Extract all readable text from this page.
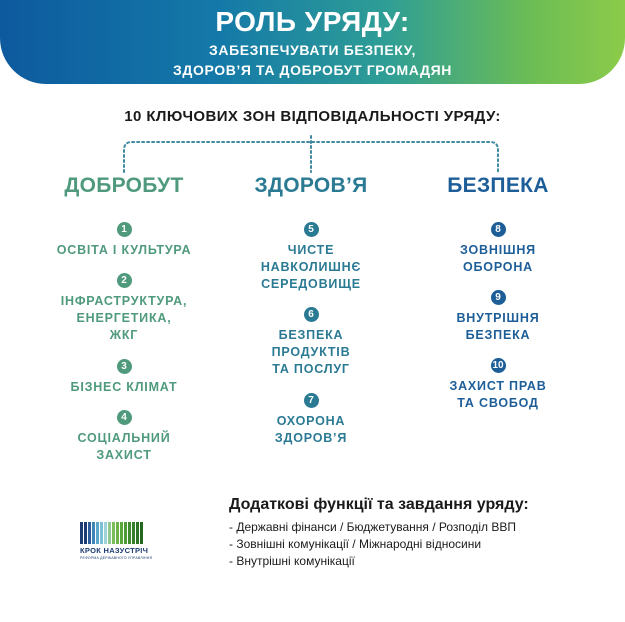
РОЛЬ УРЯДУ:
ЗАБЕЗПЕЧУВАТИ БЕЗПЕКУ,
ЗДОРОВ’Я ТА ДОБРОБУТ ГРОМАДЯН
10 КЛЮЧОВИХ ЗОН ВІДПОВІДАЛЬНОСТІ УРЯДУ:
ДОБРОБУТ	ЗДОРОВ’Я	БЕЗПЕКА
1
ОСВІТА І КУЛЬТУРА
2
ІНФРАСТРУКТУРА,
ЕНЕРГЕТИКА,
ЖКГ
3
БІЗНЕС КЛІМАТ
4
СОЦІАЛЬНИЙ
ЗАХИСТ
5
ЧИСТЕ
НАВКОЛИШНЄ
СЕРЕДОВИЩЕ
6
БЕЗПЕКА
ПРОДУКТІВ
ТА ПОСЛУГ
7
ОХОРОНА
ЗДОРОВ’Я
8
ЗОВНІШНЯ
ОБОРОНА
9
ВНУТРІШНЯ
БЕЗПЕКА
10
ЗАХИСТ ПРАВ
ТА СВОБОД
КРОК НАЗУСТРІЧ
РЕФОРМА ДЕРЖАВНОГО УПРАВЛІННЯ
Додаткові функції та завдання уряду:
- Державні фінанси / Бюджетування / Розподіл ВВП
- Зовнішні комунікації / Міжнародні відносини
- Внутрішні комунікації
